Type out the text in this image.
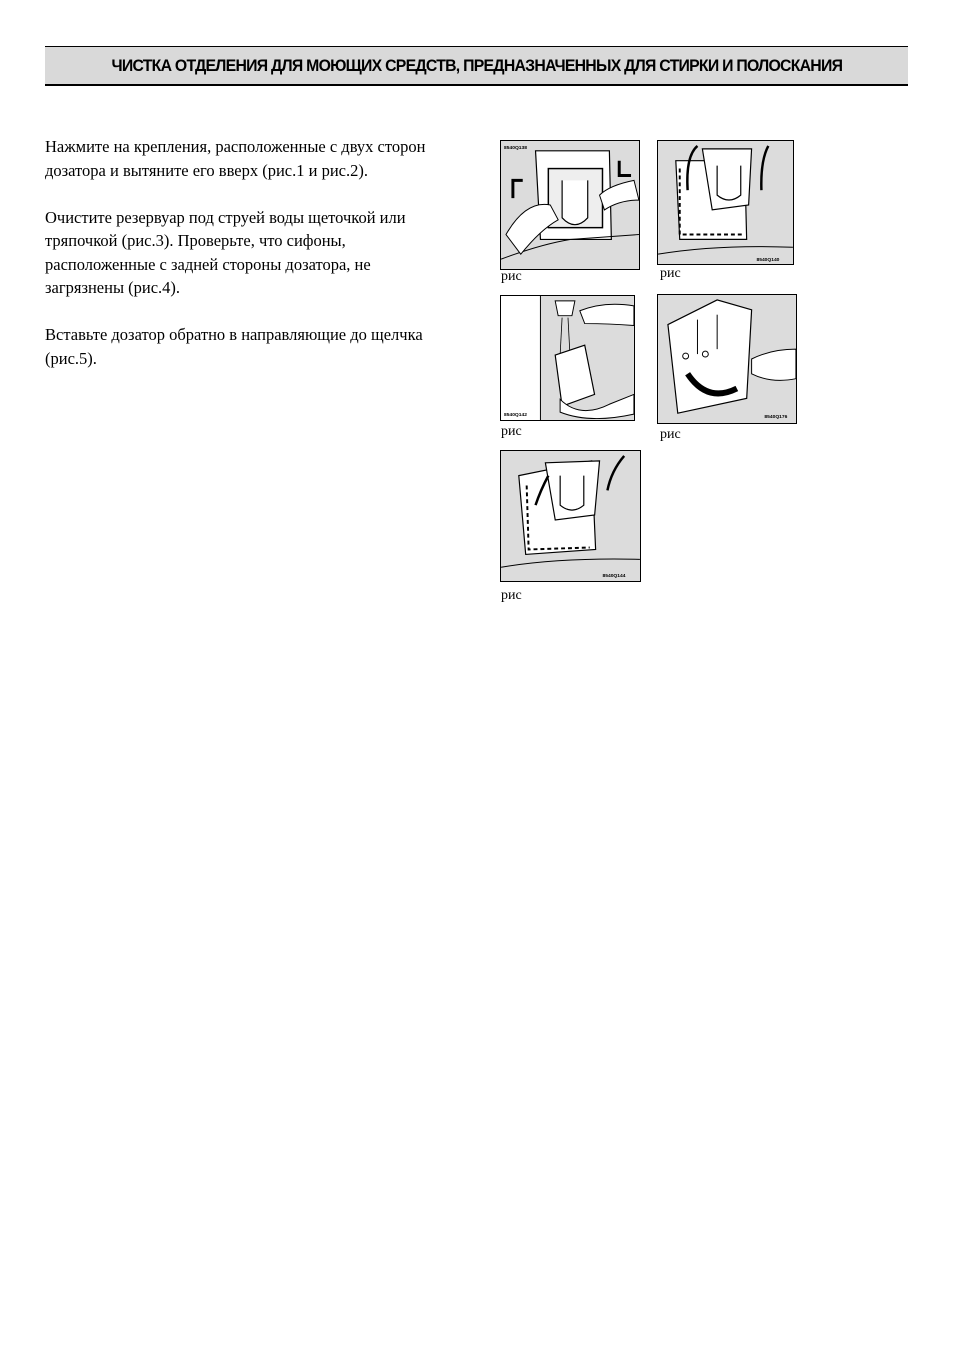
ЧИСТКА ОТДЕЛЕНИЯ ДЛЯ МОЮЩИХ СРЕДСТВ, ПРЕДНАЗНАЧЕННЫХ ДЛЯ СТИРКИ И ПОЛОСКАНИЯ

Нажмите на крепления, расположенные с двух сторон дозатора и вытяните его вверх (рис.1 и рис.2).

Очистите резервуар под струей воды щеточкой или тряпочкой (рис.3). Проверьте, что сифоны, расположенные с задней стороны дозатора, не загрязнены (рис.4).

Вставьте дозатор обратно в направляющие до щелчка (рис.5).

8540Q138
рис
8540Q140
рис
8540Q142
рис
8540Q176
рис
8540Q144
рис
